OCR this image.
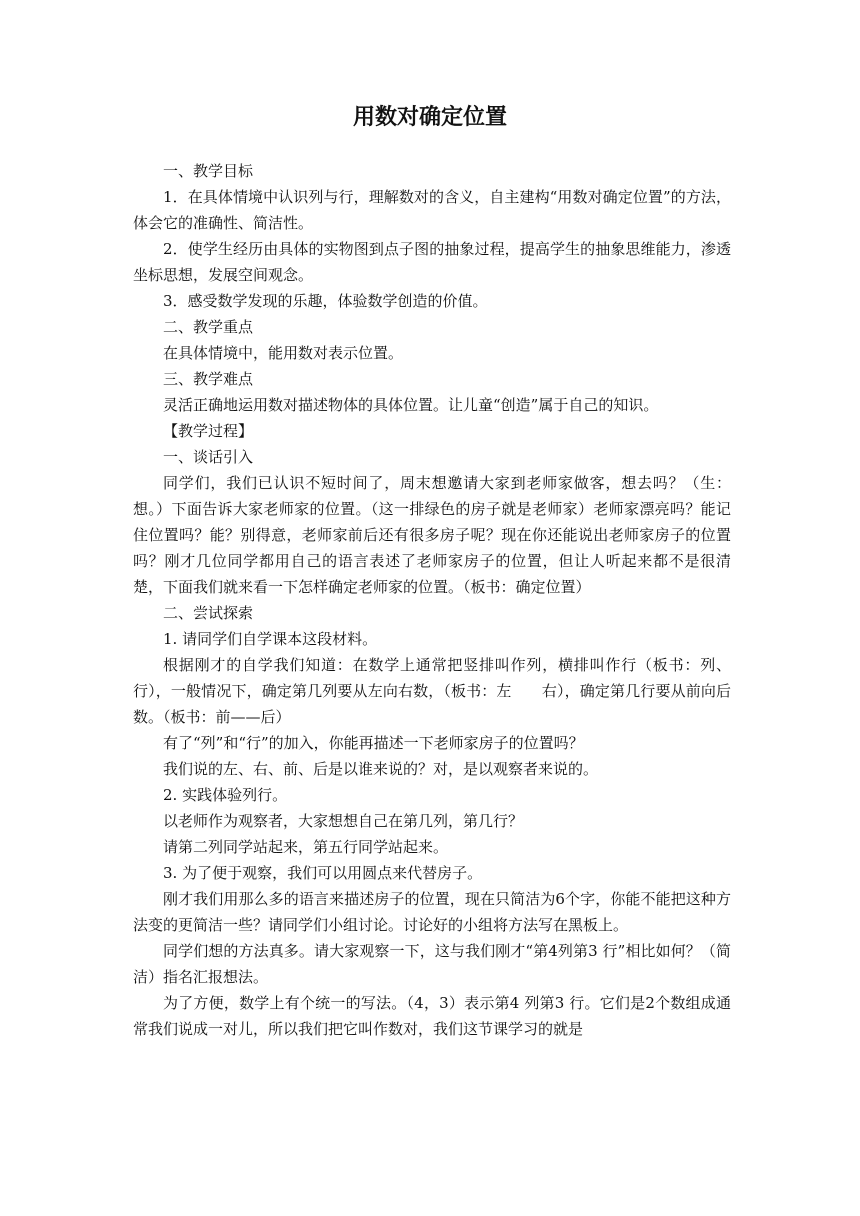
用数对确定位置

一、教学目标

1．在具体情境中认识列与行，理解数对的含义，自主建构“用数对确定位置”的方法，体会它的准确性、简洁性。

2．使学生经历由具体的实物图到点子图的抽象过程，提高学生的抽象思维能力，渗透坐标思想，发展空间观念。

3．感受数学发现的乐趣，体验数学创造的价值。

二、教学重点

在具体情境中，能用数对表示位置。

三、教学难点

灵活正确地运用数对描述物体的具体位置。让儿童“创造”属于自己的知识。

【教学过程】

一、谈话引入

同学们，我们已认识不短时间了，周末想邀请大家到老师家做客，想去吗？（生：想。）下面告诉大家老师家的位置。（这一排绿色的房子就是老师家）老师家漂亮吗？能记住位置吗？能？别得意，老师家前后还有很多房子呢？现在你还能说出老师家房子的位置吗？刚才几位同学都用自己的语言表述了老师家房子的位置，但让人听起来都不是很清楚，下面我们就来看一下怎样确定老师家的位置。（板书：确定位置）

二、尝试探索

1. 请同学们自学课本这段材料。

根据刚才的自学我们知道：在数学上通常把竖排叫作列，横排叫作行（板书：列、行），一般情况下，确定第几列要从左向右数，（板书：左　　右），确定第几行要从前向后数。（板书：前——后）

有了“列”和“行”的加入，你能再描述一下老师家房子的位置吗？

我们说的左、右、前、后是以谁来说的？对，是以观察者来说的。

2. 实践体验列行。

以老师作为观察者，大家想想自己在第几列，第几行？

请第二列同学站起来，第五行同学站起来。

3. 为了便于观察，我们可以用圆点来代替房子。

刚才我们用那么多的语言来描述房子的位置，现在只简洁为6个字，你能不能把这种方法变的更简洁一些？请同学们小组讨论。讨论好的小组将方法写在黑板上。

同学们想的方法真多。请大家观察一下，这与我们刚才“第4列第3 行”相比如何？（简洁）指名汇报想法。

为了方便，数学上有个统一的写法。（4，3）表示第4 列第3 行。它们是2个数组成通常我们说成一对儿，所以我们把它叫作数对，我们这节课学习的就是
